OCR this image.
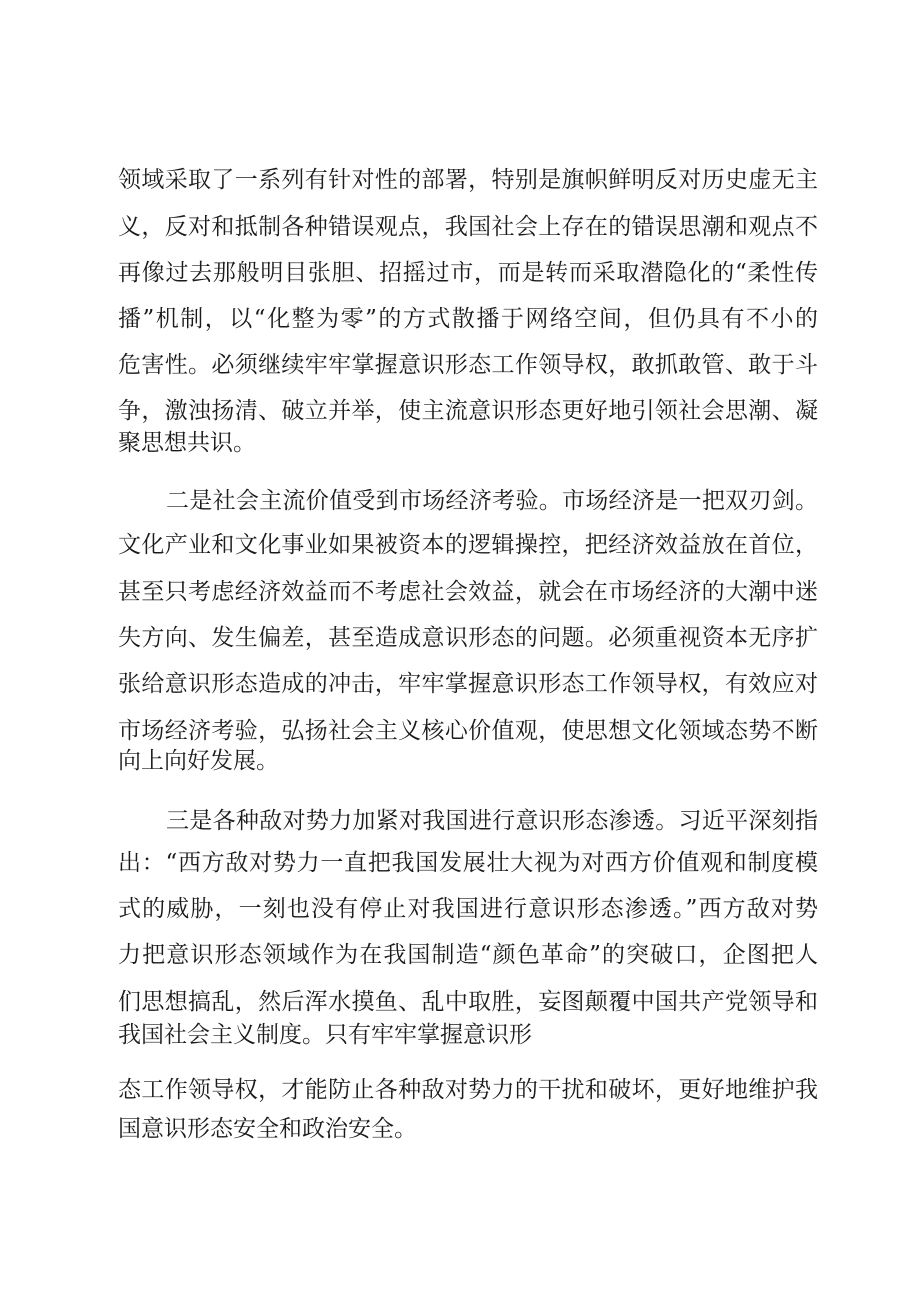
领域采取了一系列有针对性的部署，特别是旗帜鲜明反对历史虚无主
义，反对和抵制各种错误观点，我国社会上存在的错误思潮和观点不
再像过去那般明目张胆、招摇过市，而是转而采取潜隐化的“柔性传
播”机制，以“化整为零”的方式散播于网络空间，但仍具有不小的
危害性。必须继续牢牢掌握意识形态工作领导权，敢抓敢管、敢于斗
争，激浊扬清、破立并举，使主流意识形态更好地引领社会思潮、凝
聚思想共识。
二是社会主流价值受到市场经济考验。市场经济是一把双刃剑。
文化产业和文化事业如果被资本的逻辑操控，把经济效益放在首位，
甚至只考虑经济效益而不考虑社会效益，就会在市场经济的大潮中迷
失方向、发生偏差，甚至造成意识形态的问题。必须重视资本无序扩
张给意识形态造成的冲击，牢牢掌握意识形态工作领导权，有效应对
市场经济考验，弘扬社会主义核心价值观，使思想文化领域态势不断
向上向好发展。
三是各种敌对势力加紧对我国进行意识形态渗透。习近平深刻指
出：“西方敌对势力一直把我国发展壮大视为对西方价值观和制度模
式的威胁，一刻也没有停止对我国进行意识形态渗透。”西方敌对势
力把意识形态领域作为在我国制造“颜色革命”的突破口，企图把人
们思想搞乱，然后浑水摸鱼、乱中取胜，妄图颠覆中国共产党领导和
我国社会主义制度。只有牢牢掌握意识形
态工作领导权，才能防止各种敌对势力的干扰和破坏，更好地维护我
国意识形态安全和政治安全。
